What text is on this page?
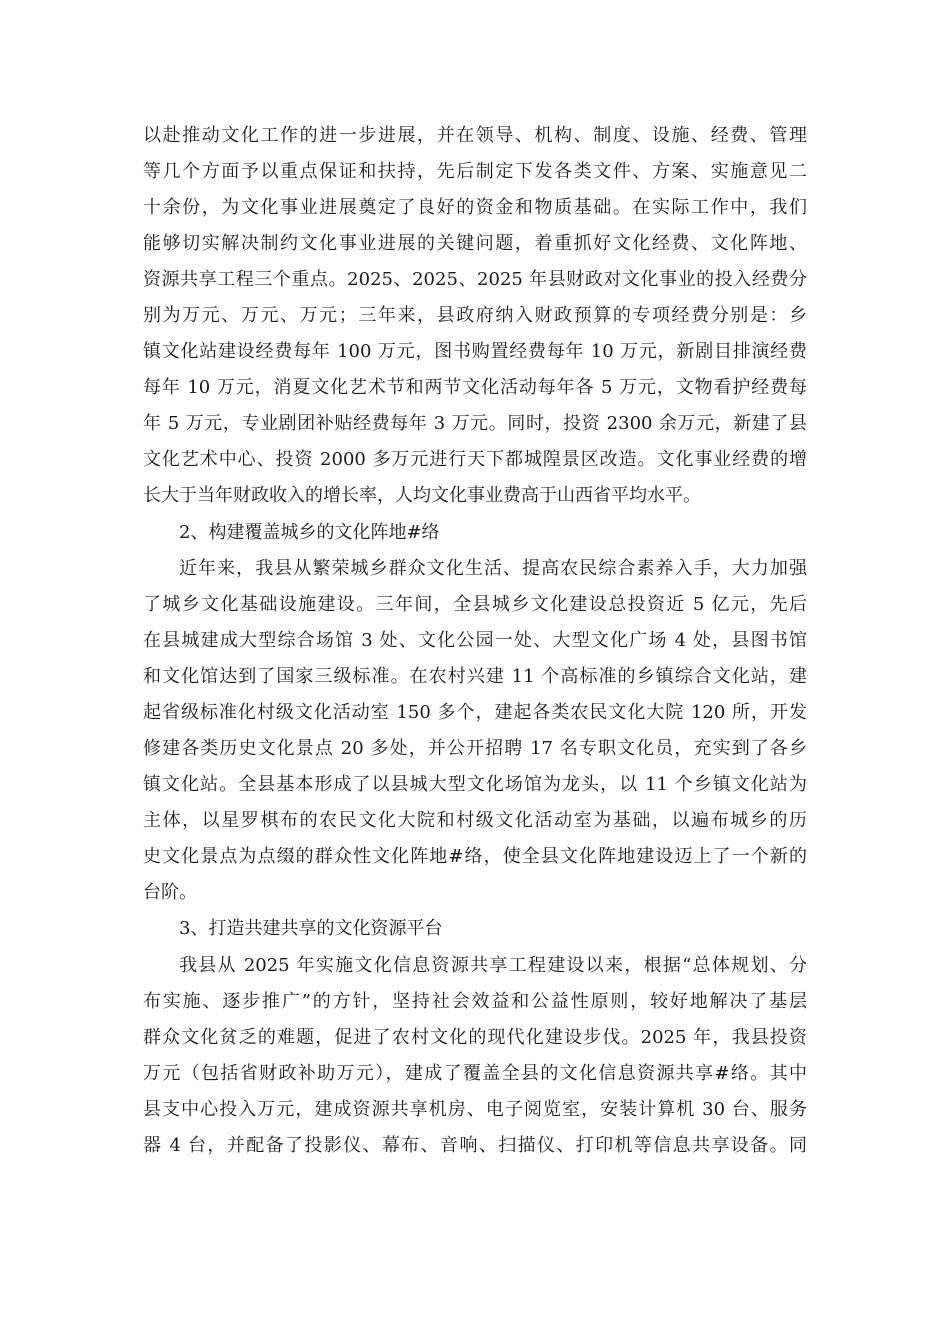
以赴推动文化工作的进一步进展，并在领导、机构、制度、设施、经费、管理
等几个方面予以重点保证和扶持，先后制定下发各类文件、方案、实施意见二
十余份，为文化事业进展奠定了良好的资金和物质基础。在实际工作中，我们
能够切实解决制约文化事业进展的关键问题，着重抓好文化经费、文化阵地、
资源共享工程三个重点。2025、2025、2025 年县财政对文化事业的投入经费分
别为万元、万元、万元；三年来，县政府纳入财政预算的专项经费分别是：乡
镇文化站建设经费每年 100 万元，图书购置经费每年 10 万元，新剧目排演经费
每年 10 万元，消夏文化艺术节和两节文化活动每年各 5 万元，文物看护经费每
年 5 万元，专业剧团补贴经费每年 3 万元。同时，投资 2300 余万元，新建了县
文化艺术中心、投资 2000 多万元进行天下都城隍景区改造。文化事业经费的增
长大于当年财政收入的增长率，人均文化事业费高于山西省平均水平。
2、构建覆盖城乡的文化阵地#络
近年来，我县从繁荣城乡群众文化生活、提高农民综合素养入手，大力加强
了城乡文化基础设施建设。三年间，全县城乡文化建设总投资近 5 亿元，先后
在县城建成大型综合场馆 3 处、文化公园一处、大型文化广场 4 处，县图书馆
和文化馆达到了国家三级标准。在农村兴建 11 个高标准的乡镇综合文化站，建
起省级标准化村级文化活动室 150 多个，建起各类农民文化大院 120 所，开发
修建各类历史文化景点 20 多处，并公开招聘 17 名专职文化员，充实到了各乡
镇文化站。全县基本形成了以县城大型文化场馆为龙头，以 11 个乡镇文化站为
主体，以星罗棋布的农民文化大院和村级文化活动室为基础，以遍布城乡的历
史文化景点为点缀的群众性文化阵地#络，使全县文化阵地建设迈上了一个新的
台阶。
3、打造共建共享的文化资源平台
我县从 2025 年实施文化信息资源共享工程建设以来，根据“总体规划、分
布实施、逐步推广”的方针，坚持社会效益和公益性原则，较好地解决了基层
群众文化贫乏的难题，促进了农村文化的现代化建设步伐。2025 年，我县投资
万元（包括省财政补助万元），建成了覆盖全县的文化信息资源共享#络。其中
县支中心投入万元，建成资源共享机房、电子阅览室，安装计算机 30 台、服务
器 4 台，并配备了投影仪、幕布、音响、扫描仪、打印机等信息共享设备。同
